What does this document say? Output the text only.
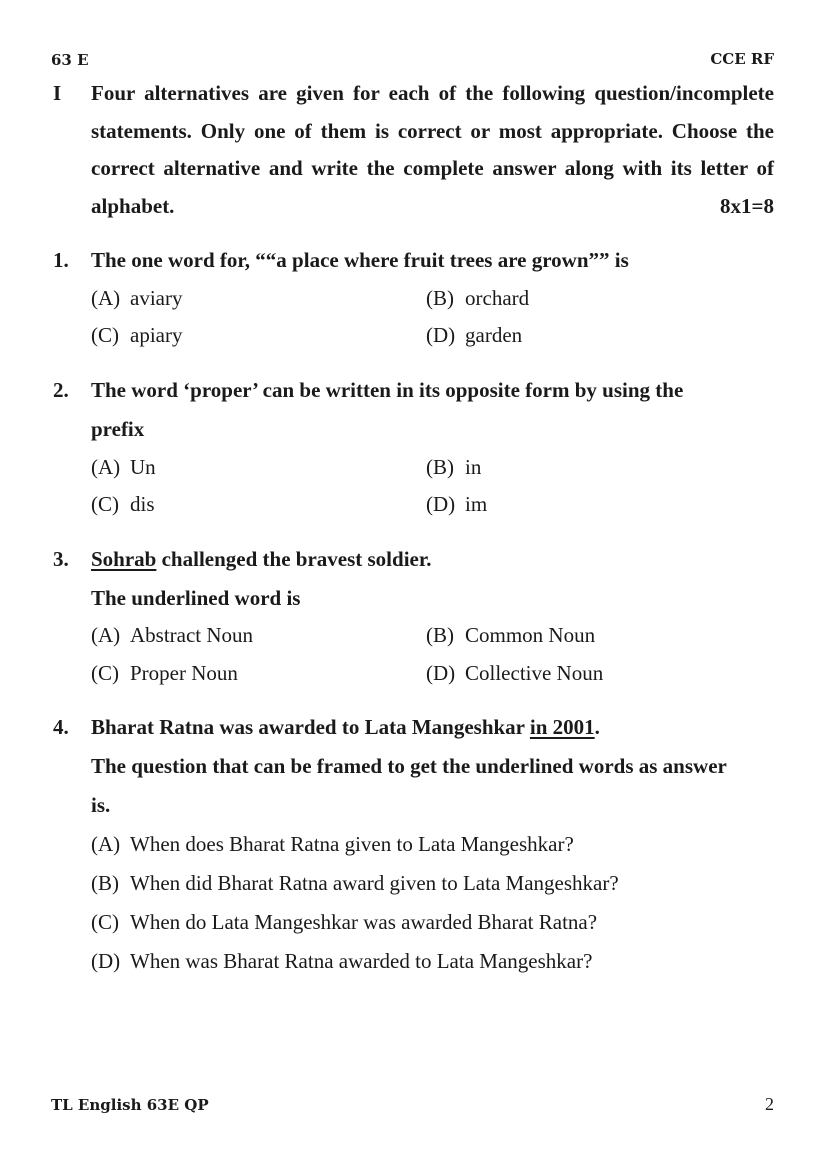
63 E	CCE RF
I Four alternatives are given for each of the following question/incomplete
statements. Only one of them is correct or most appropriate. Choose the
correct alternative and write the complete answer along with its letter of
alphabet.	8x1=8
1. The one word for, ““a place where fruit trees are grown”” is
(A) aviary	(B) orchard
(C) apiary	(D) garden
2. The word ‘proper’ can be written in its opposite form by using the
prefix
(A) Un	(B) in
(C) dis	(D) im
3. Sohrab challenged the bravest soldier.
The underlined word is
(A) Abstract Noun	(B) Common Noun
(C) Proper Noun	(D) Collective Noun
4. Bharat Ratna was awarded to Lata Mangeshkar in 2001.
The question that can be framed to get the underlined words as answer
is.
(A) When does Bharat Ratna given to Lata Mangeshkar?
(B) When did Bharat Ratna award given to Lata Mangeshkar?
(C) When do Lata Mangeshkar was awarded Bharat Ratna?
(D) When was Bharat Ratna awarded to Lata Mangeshkar?
TL English 63E QP	2
